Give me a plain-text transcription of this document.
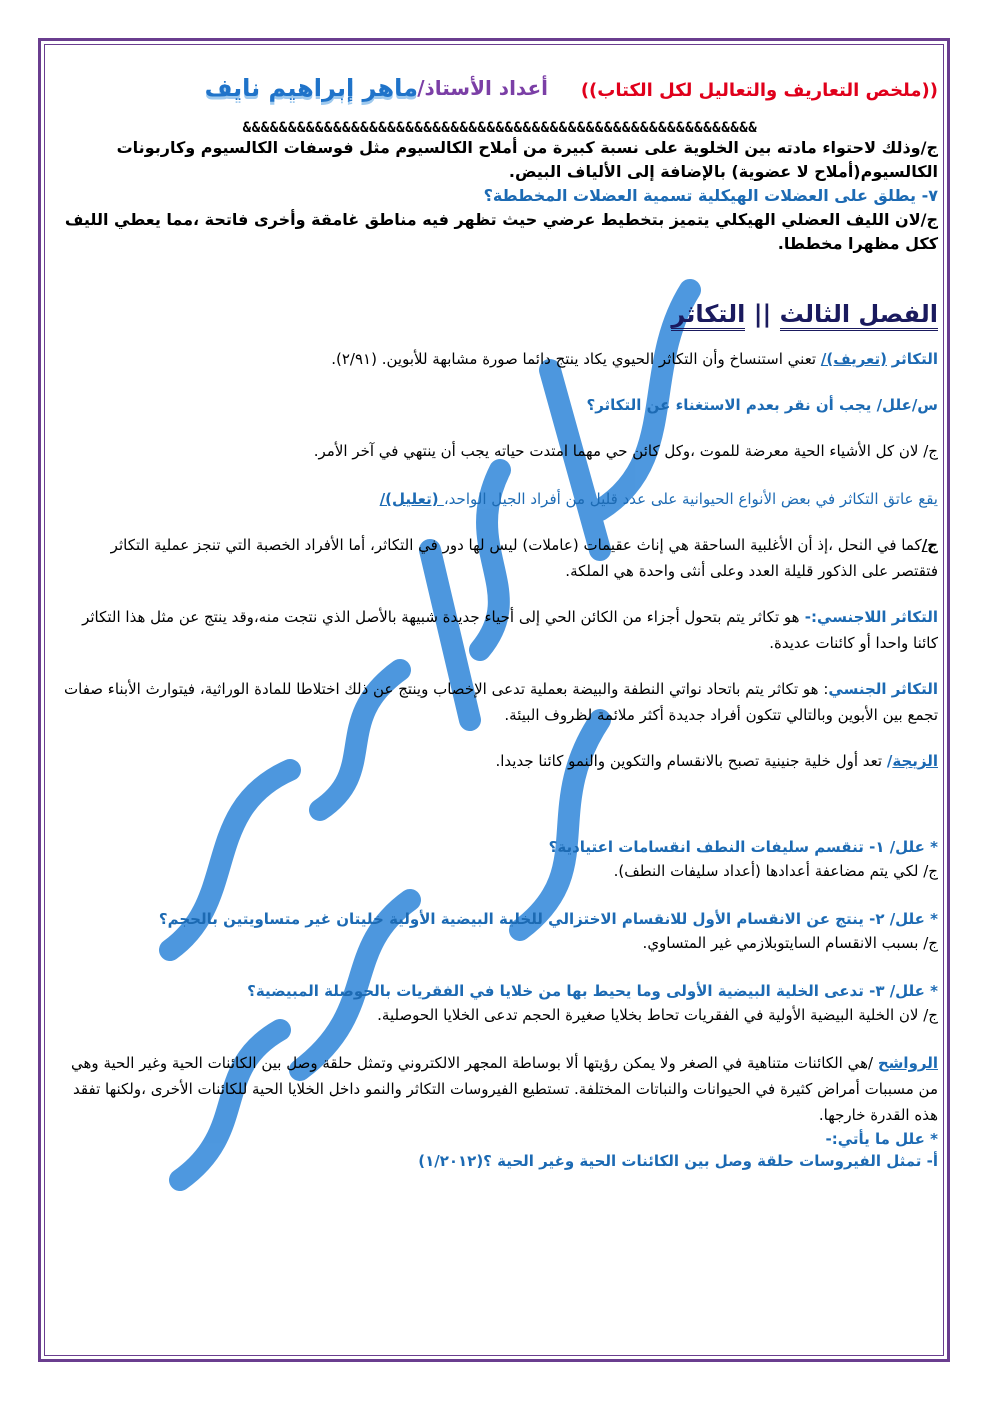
((ملخص التعاريف والتعاليل لكل الكتاب))
أعداد الأستاذ/
ماهر إبراهيم نايف
&&&&&&&&&&&&&&&&&&&&&&&&&&&&&&&&&&&&&&&&&&&&&&&&&&&&&&&&&

ج/وذلك لاحتواء مادته بين الخلوية على نسبة كبيرة من أملاح الكالسيوم مثل فوسفات الكالسيوم وكاربونات

الكالسيوم(أملاح لا عضوية) بالإضافة إلى الألياف البيض.

٧- يطلق على العضلات الهيكلية تسمية العضلات المخططة؟

ج/لان الليف العضلي الهيكلي يتميز بتخطيط عرضي حيث تظهر فيه مناطق غامقة وأخرى فاتحة ،مما يعطي الليف

ككل مظهرا مخططا.

الفصل الثالث || التكاثر

التكاثر (تعريف)/ تعني استنساخ وأن التكاثر الحيوي يكاد ينتج دائما صورة مشابهة للأبوين. (٢/٩١).

س/علل/ يجب أن نقر بعدم الاستغناء عن التكاثر؟

ج/ لان كل الأشياء الحية معرضة للموت ،وكل كائن حي مهما امتدت حياته يجب أن ينتهي في آخر الأمر.

يقع عاتق التكاثر في بعض الأنواع الحيوانية على عدد قليل من أفراد الجيل الواحد، (تعليل)/

ج/كما في النحل ،إذ أن الأغلبية الساحقة هي إناث عقيمات (عاملات) ليس لها دور في التكاثر، أما الأفراد الخصبة التي تنجز عملية التكاثر فتقتصر على الذكور قليلة العدد وعلى أنثى واحدة هي الملكة.

التكاثر اللاجنسي:- هو تكاثر يتم بتحول أجزاء من الكائن الحي إلى أحياء جديدة شبيهة بالأصل الذي نتجت منه،وقد ينتج عن مثل هذا التكاثر كائنا واحدا أو كائنات عديدة.

التكاثر الجنسي: هو تكاثر يتم باتحاد نواتي النطفة والبيضة بعملية تدعى الإخصاب وينتج عن ذلك اختلاطا للمادة الوراثية، فيتوارث الأبناء صفات تجمع بين الأبوين وبالتالي تتكون أفراد جديدة أكثر ملائمة لظروف البيئة.

الزيجة/ تعد أول خلية جنينية تصبح بالانقسام والتكوين والنمو كائنا جديدا.

* علل/ ١- تنقسم سليفات النطف انقسامات اعتيادية؟

ج/ لكي يتم مضاعفة أعدادها (أعداد سليفات النطف).

* علل/ ٢- ينتج عن الانقسام الأول للانقسام الاختزالي للخلية البيضية الأولية خليتان غير متساويتين بالحجم؟

ج/ بسبب الانقسام السايتوبلازمي غير المتساوي.

* علل/ ٣- تدعى الخلية البيضية الأولى وما يحيط بها من خلايا في الفقريات بالحوصلة المبيضية؟

ج/ لان الخلية البيضية الأولية في الفقريات تحاط بخلايا صغيرة الحجم تدعى الخلايا الحوصلية.

الرواشح /هي الكائنات متناهية في الصغر ولا يمكن رؤيتها ألا بوساطة المجهر الالكتروني وتمثل حلقة وصل بين الكائنات الحية وغير الحية وهي من مسببات أمراض كثيرة في الحيوانات والنباتات المختلفة. تستطيع الفيروسات التكاثر والنمو داخل الخلايا الحية للكائنات الأخرى ،ولكنها تفقد هذه القدرة خارجها.

* علل ما يأتي:-

أ- تمثل الفيروسات حلقة وصل بين الكائنات الحية وغير الحية ؟(١/٢٠١٢)
